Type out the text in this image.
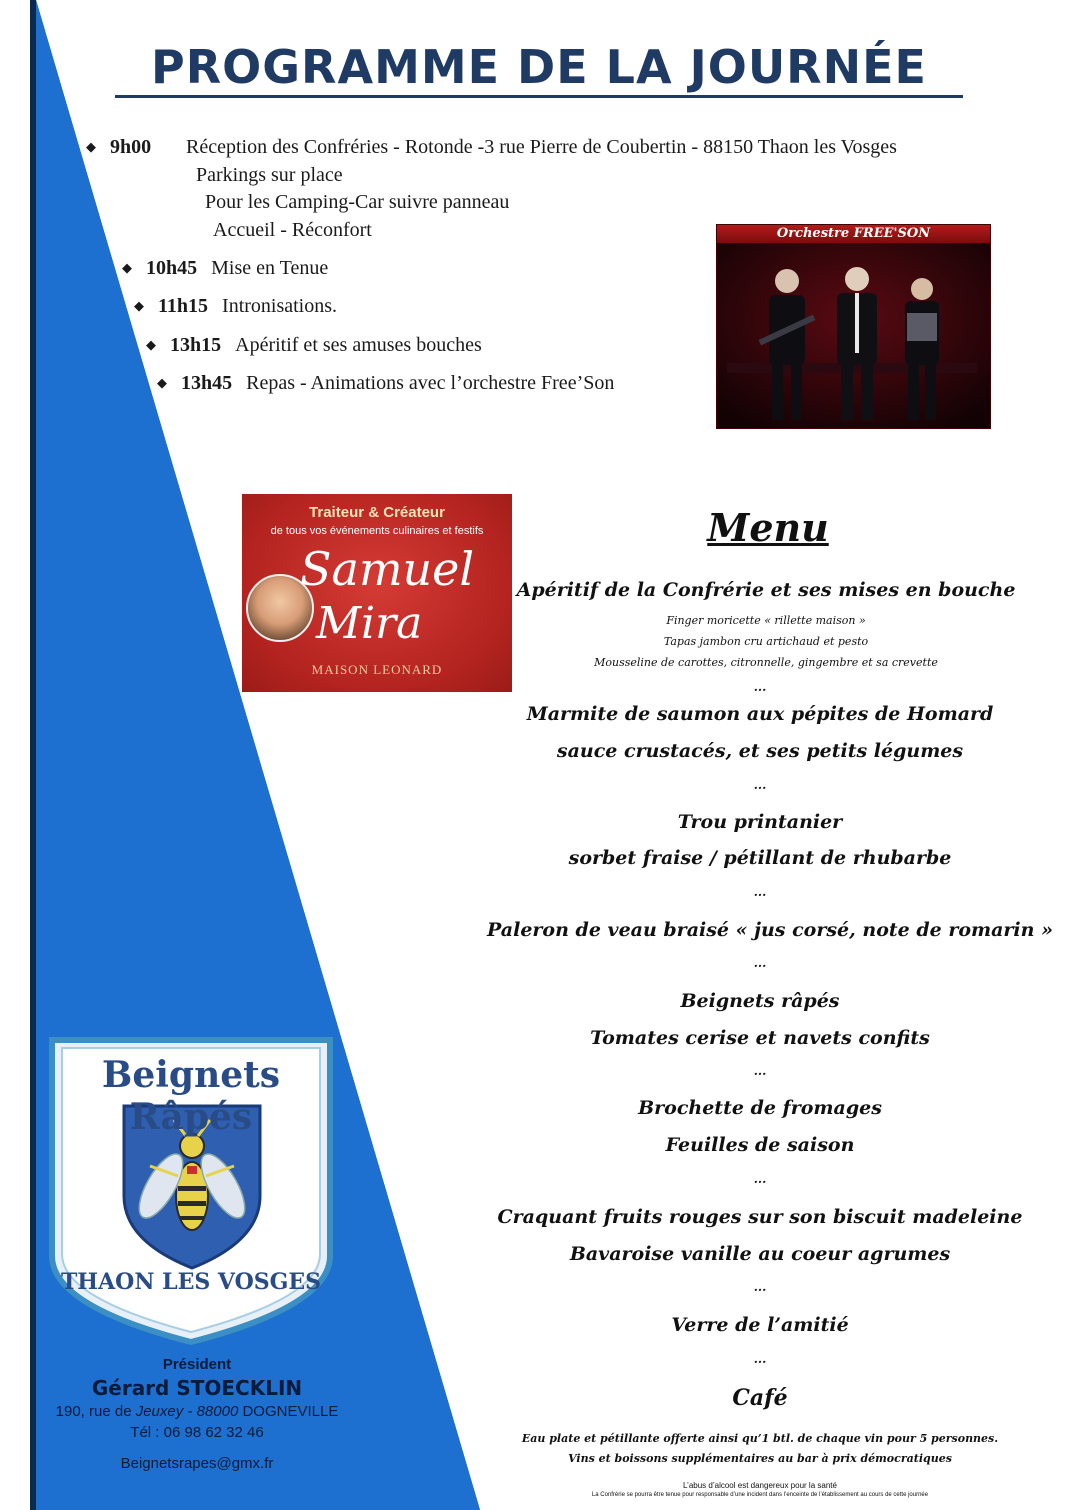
PROGRAMME DE LA JOURNÉE
◆ 9h00 Réception des Confréries - Rotonde -3 rue Pierre de Coubertin - 88150 Thaon les Vosges
Parkings sur place
Pour les Camping-Car suivre panneau
Accueil - Réconfort
◆ 10h45 Mise en Tenue
◆ 11h15 Intronisations.
◆ 13h15 Apéritif et ses amuses bouches
◆ 13h45 Repas - Animations avec l’orchestre Free’Son
Orchestre FREE'SON
Traiteur & Créateur
de tous vos événements culinaires et festifs
Samuel
Mira
MAISON LEONARD
Menu
Apéritif de la Confrérie et ses mises en bouche
Finger moricette « rillette maison »
Tapas jambon cru artichaud et pesto
Mousseline de carottes, citronnelle, gingembre et sa crevette
...
Marmite de saumon aux pépites de Homard
sauce crustacés, et ses petits légumes
...
Trou printanier
sorbet fraise / pétillant de rhubarbe
...
Paleron de veau braisé « jus corsé, note de romarin »
...
Beignets râpés
Tomates cerise et navets confits
...
Brochette de fromages
Feuilles de saison
...
Craquant fruits rouges sur son biscuit madeleine
Bavaroise vanille au coeur agrumes
...
Verre de l’amitié
...
Café
Eau plate et pétillante offerte ainsi qu’1 btl. de chaque vin pour 5 personnes.
Vins et boissons supplémentaires au bar à prix démocratiques
L’abus d’alcool est dangereux pour la santé
La Confrérie se pourra être tenue pour responsable d’une incident dans l’enceinte de l’établissement au cours de cette journée
Beignets Râpés
THAON LES VOSGES
Président
Gérard STOECKLIN
190, rue de Jeuxey - 88000 DOGNEVILLE
Tél : 06 98 62 32 46
Beignetsrapes@gmx.fr
